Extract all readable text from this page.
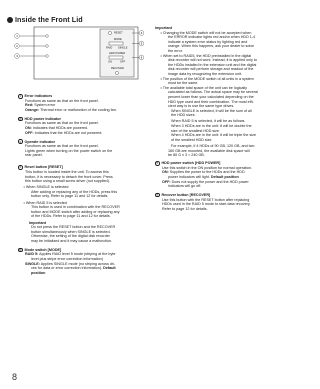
Inside the Front Lid
RESET
MODE
RAID SINGLE
HDD POWER
ON	OFF
RECOVER
1
2
3
4
5
6
1 Error indicators
Functions as same as that on the front panel.
Red: System error
Orange: Thermal error or malfunction of the cooling fan.
2 HDD power indicator
Functions as same as that on the front panel.
ON: Indicates that HDDs are powered.
OFF: Indicates that the HDDs are not powered.
3 Operate indicator
Functions as same as that on the front panel.
Lights green when turning on the power switch on the
rear panel.
4 Reset button [RESET]
This button is located inside the unit. To access this
button, it is necessary to detach the front cover. Press
this button using a small screw driver (not supplied).
• When SINGLE is selected
After adding or replacing any of the HDDs, press this
button only. Refer to page 11 and 12 for details.
• When RAID 5 is selected
This button is used in combination with the RECOVER
button and MODE switch after adding or replacing any
of the HDDs. Refer to page 11 and 12 for details.
Important
Do not press the RESET button and the RECOVER
button simultaneously when SINGLE is selected.
Otherwise, the setting of the digital disk recorder
may be initialized and it may cause a malfunction.
5 Mode switch [MODE]
RAID 5: Applies RAID level 5 mode (striping at the byte
level plus stripe error correction information)
SINGLE: Applies SINGLE mode (no striping across dri-
ves for data or error correction information). Default
position
Important
• Changing the MODE switch will not be accepted when
the ERROR indicator lights red and/or when HDD 1-4
indicate a system error status by lighting red and
orange. When this happens, ask your dealer to solve
the error.
• When set to RAID5, the HDD preinstalled in the digital
disk recorder will not work. Instead, it is applied only to
the HDDs installed in the extension unit and the digital
disk recorder will perform storage and readout of the
image data by recognizing the extension unit.
• The position of the MODE switch of all units in a system
must be the same.
• The available total space of the unit can be logically
calculated as follows. The actual space may be several
percent lower than your calculated depending on the
HDD type used and their combination. The most effi-
cient way is to use the same type drives.
When SINGLE is selected, it will be the sum of all
the HDD sizes.
When RAID 5 is selected, it will be as follows.
When 3 HDDs are in the unit: It will be double the
size of the smallest HDD size.
When 4 HDDs are in the unit: It will be triple the size
of the smallest HDD size.
For example, if 4 HDDs of 90 GB, 120 GB, and two
160 GB are mounted, the available disk space will
be 80 G x 3 = 240 GB.
6 HDD power switch [HDD POWER]
Use this switch in the ON position for normal operation.
ON: Supplies the power to the HDDs and the HDD
power indicators will light. Default position
OFF: Does not supply the power and the HDD power
indicators will go off.
7 Recover button [RECOVER]
Use this button with the RESET button after replacing
HDDs used in the RAID 5 mode to start data recovery.
Refer to page 12 for details.
8
